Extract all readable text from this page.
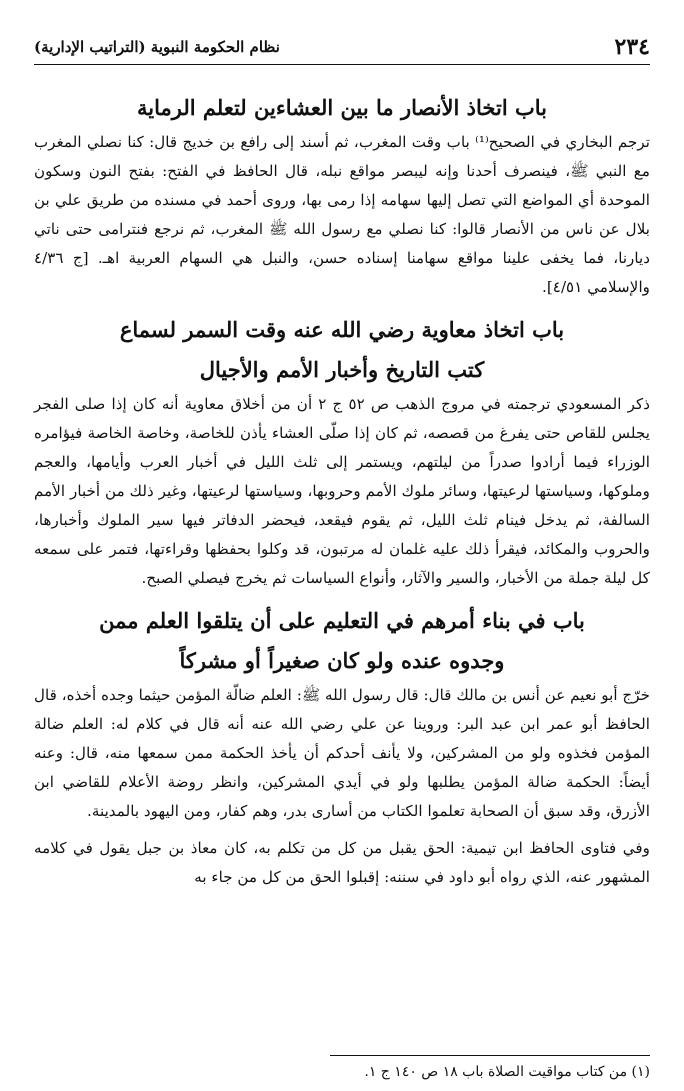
٢٣٤
نظام الحكومة النبوية (التراتيب الإدارية)
باب اتخاذ الأنصار ما بين العشاءين لتعلم الرماية

ترجم البخاري في الصحيح⁽¹⁾ باب وقت المغرب، ثم أسند إلى رافع بن خديج قال: كنا نصلي المغرب مع النبي ﷺ، فينصرف أحدنا وإنه ليبصر مواقع نبله، قال الحافظ في الفتح: بفتح النون وسكون الموحدة أي المواضع التي تصل إليها سهامه إذا رمى بها، وروى أحمد في مسنده من طريق علي بن بلال عن ناس من الأنصار قالوا: كنا نصلي مع رسول الله ﷺ المغرب، ثم نرجع فنترامى حتى ناتي ديارنا، فما يخفى علينا مواقع سهامنا إسناده حسن، والنبل هي السهام العربية اهـ. [ج ٤/٣٦ والإسلامي ٤/٥١].

باب اتخاذ معاوية رضي الله عنه وقت السمر لسماع
كتب التاريخ وأخبار الأمم والأجيال

ذكر المسعودي ترجمته في مروج الذهب ص ٥٢ ج ٢ أن من أخلاق معاوية أنه كان إذا صلى الفجر يجلس للقاص حتى يفرغ من قصصه، ثم كان إذا صلّى العشاء يأذن للخاصة، وخاصة الخاصة فيؤامره الوزراء فيما أرادوا صدراً من ليلتهم، ويستمر إلى ثلث الليل في أخبار العرب وأيامها، والعجم وملوكها، وسياستها لرعيتها، وسائر ملوك الأمم وحروبها، وسياستها لرعيتها، وغير ذلك من أخبار الأمم السالفة، ثم يدخل فينام ثلث الليل، ثم يقوم فيقعد، فيحضر الدفاتر فيها سير الملوك وأخبارها، والحروب والمكائد، فيقرأ ذلك عليه غلمان له مرتبون، قد وكلوا بحفظها وقراءتها، فتمر على سمعه كل ليلة جملة من الأخبار، والسير والآثار، وأنواع السياسات ثم يخرج فيصلي الصبح.

باب في بناء أمرهم في التعليم على أن يتلقوا العلم ممن
وجدوه عنده ولو كان صغيراً أو مشركاً

خرّج أبو نعيم عن أنس بن مالك قال: قال رسول الله ﷺ: العلم ضالّة المؤمن حيثما وجده أخذه، قال الحافظ أبو عمر ابن عبد البر: وروينا عن علي رضي الله عنه أنه قال في كلام له: العلم ضالة المؤمن فخذوه ولو من المشركين، ولا يأنف أحدكم أن يأخذ الحكمة ممن سمعها منه، قال: وعنه أيضاً: الحكمة ضالة المؤمن يطلبها ولو في أيدي المشركين، وانظر روضة الأعلام للقاضي ابن الأزرق، وقد سبق أن الصحابة تعلموا الكتاب من أسارى بدر، وهم كفار، ومن اليهود بالمدينة.

وفي فتاوى الحافظ ابن تيمية: الحق يقبل من كل من تكلم به، كان معاذ بن جبل يقول في كلامه المشهور عنه، الذي رواه أبو داود في سننه: إقبلوا الحق من كل من جاء به

(١) من كتاب مواقيت الصلاة باب ١٨ ص ١٤٠ ج ١.
